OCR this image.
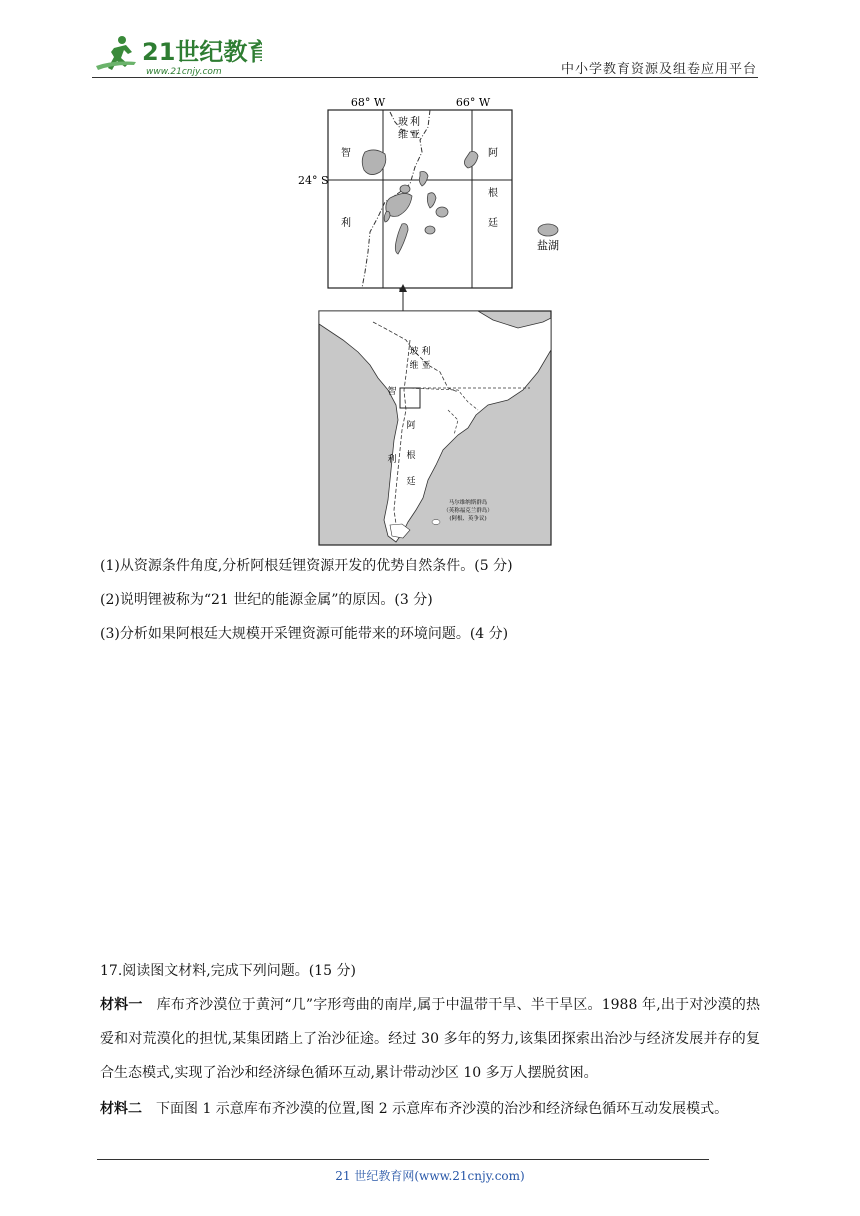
21世纪教育
www.21cnjy.com	中小学教育资源及组卷应用平台
68° W	66° W
24° S
玻 利
维 亚
智
利
阿
根
廷
盐湖
玻 利
维 亚
智
利
阿
根
廷
马尔维纳斯群岛
（英称福克兰群岛）
(阿根、英争议)
(1)从资源条件角度,分析阿根廷锂资源开发的优势自然条件。(5 分)
(2)说明锂被称为“21 世纪的能源金属”的原因。(3 分)
(3)分析如果阿根廷大规模开采锂资源可能带来的环境问题。(4 分)
17.阅读图文材料,完成下列问题。(15 分)
材料一 库布齐沙漠位于黄河“几”字形弯曲的南岸,属于中温带干旱、半干旱区。1988 年,出于对沙漠的热爱和对荒漠化的担忧,某集团踏上了治沙征途。经过 30 多年的努力,该集团探索出治沙与经济发展并存的复合生态模式,实现了治沙和经济绿色循环互动,累计带动沙区 10 多万人摆脱贫困。
材料二 下面图 1 示意库布齐沙漠的位置,图 2 示意库布齐沙漠的治沙和经济绿色循环互动发展模式。
21 世纪教育网(www.21cnjy.com)
